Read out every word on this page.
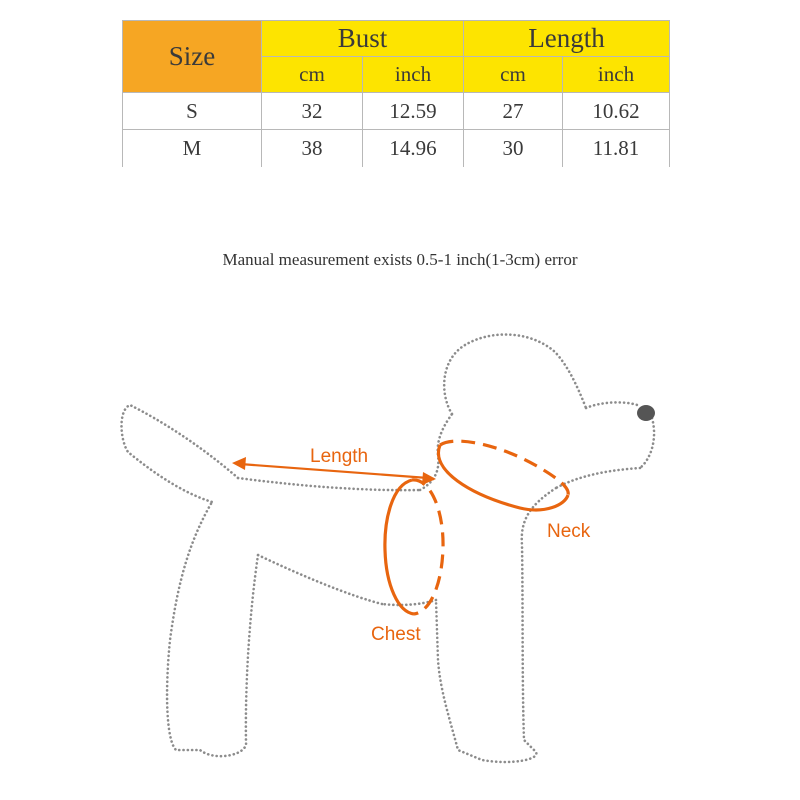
Size	Bust		Length	
	cm	inch	cm	inch
S	32	12.59	27	10.62
M	38	14.96	30	11.81
Manual measurement exists 0.5-1 inch(1-3cm) error
Length
Neck
Chest
